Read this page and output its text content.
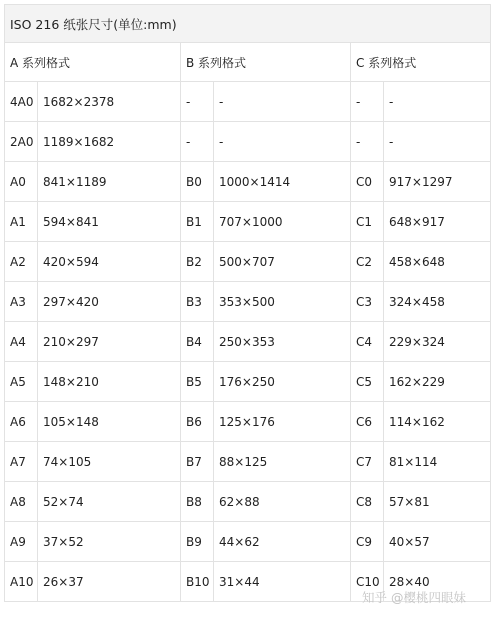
ISO 216 纸张尺寸(单位:mm)					
A 系列格式		B 系列格式		C 系列格式	
4A0	1682×2378	-	-	-	-
2A0	1189×1682	-	-	-	-
A0	841×1189	B0	1000×1414	C0	917×1297
A1	594×841	B1	707×1000	C1	648×917
A2	420×594	B2	500×707	C2	458×648
A3	297×420	B3	353×500	C3	324×458
A4	210×297	B4	250×353	C4	229×324
A5	148×210	B5	176×250	C5	162×229
A6	105×148	B6	125×176	C6	114×162
A7	74×105	B7	88×125	C7	81×114
A8	52×74	B8	62×88	C8	57×81
A9	37×52	B9	44×62	C9	40×57
A10	26×37	B10	31×44	C10	28×40
知乎 @樱桃四眼妹
